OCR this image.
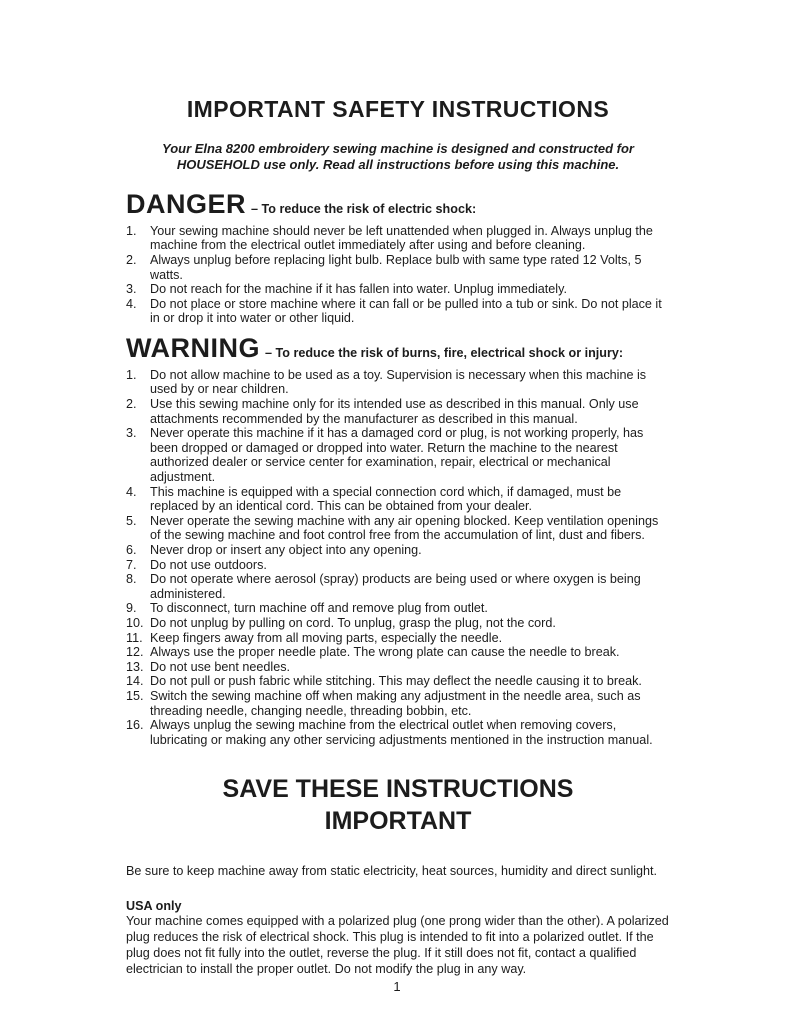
IMPORTANT SAFETY INSTRUCTIONS

Your Elna 8200 embroidery sewing machine is designed and constructed for HOUSEHOLD use only. Read all instructions before using this machine.

DANGER – To reduce the risk of electric shock:
Your sewing machine should never be left unattended when plugged in. Always unplug the machine from the electrical outlet immediately after using and before cleaning.
Always unplug before replacing light bulb. Replace bulb with same type rated 12 Volts, 5 watts.
Do not reach for the machine if it has fallen into water. Unplug immediately.
Do not place or store machine where it can fall or be pulled into a tub or sink. Do not place it in or drop it into water or other liquid.
WARNING – To reduce the risk of burns, fire, electrical shock or injury:
Do not allow machine to be used as a toy. Supervision is necessary when this machine is used by or near children.
Use this sewing machine only for its intended use as described in this manual. Only use attachments recommended by the manufacturer as described in this manual.
Never operate this machine if it has a damaged cord or plug, is not working properly, has been dropped or damaged or dropped into water. Return the machine to the nearest authorized dealer or service center for examination, repair, electrical or mechanical adjustment.
This machine is equipped with a special connection cord which, if damaged, must be replaced by an identical cord. This can be obtained from your dealer.
Never operate the sewing machine with any air opening blocked. Keep ventilation openings of the sewing machine and foot control free from the accumulation of lint, dust and fibers.
Never drop or insert any object into any opening.
Do not use outdoors.
Do not operate where aerosol (spray) products are being used or where oxygen is being administered.
To disconnect, turn machine off and remove plug from outlet.
Do not unplug by pulling on cord. To unplug, grasp the plug, not the cord.
Keep fingers away from all moving parts, especially the needle.
Always use the proper needle plate. The wrong plate can cause the needle to break.
Do not use bent needles.
Do not pull or push fabric while stitching. This may deflect the needle causing it to break.
Switch the sewing machine off when making any adjustment in the needle area, such as threading needle, changing needle, threading bobbin, etc.
Always unplug the sewing machine from the electrical outlet when removing covers, lubricating or making any other servicing adjustments mentioned in the instruction manual.
SAVE THESE INSTRUCTIONS
IMPORTANT

Be sure to keep machine away from static electricity, heat sources, humidity and direct sunlight.

USA only

Your machine comes equipped with a polarized plug (one prong wider than the other). A polarized plug reduces the risk of electrical shock. This plug is intended to fit into a polarized outlet. If the plug does not fit fully into the outlet, reverse the plug. If it still does not fit, contact a qualified electrician to install the proper outlet. Do not modify the plug in any way.

1
